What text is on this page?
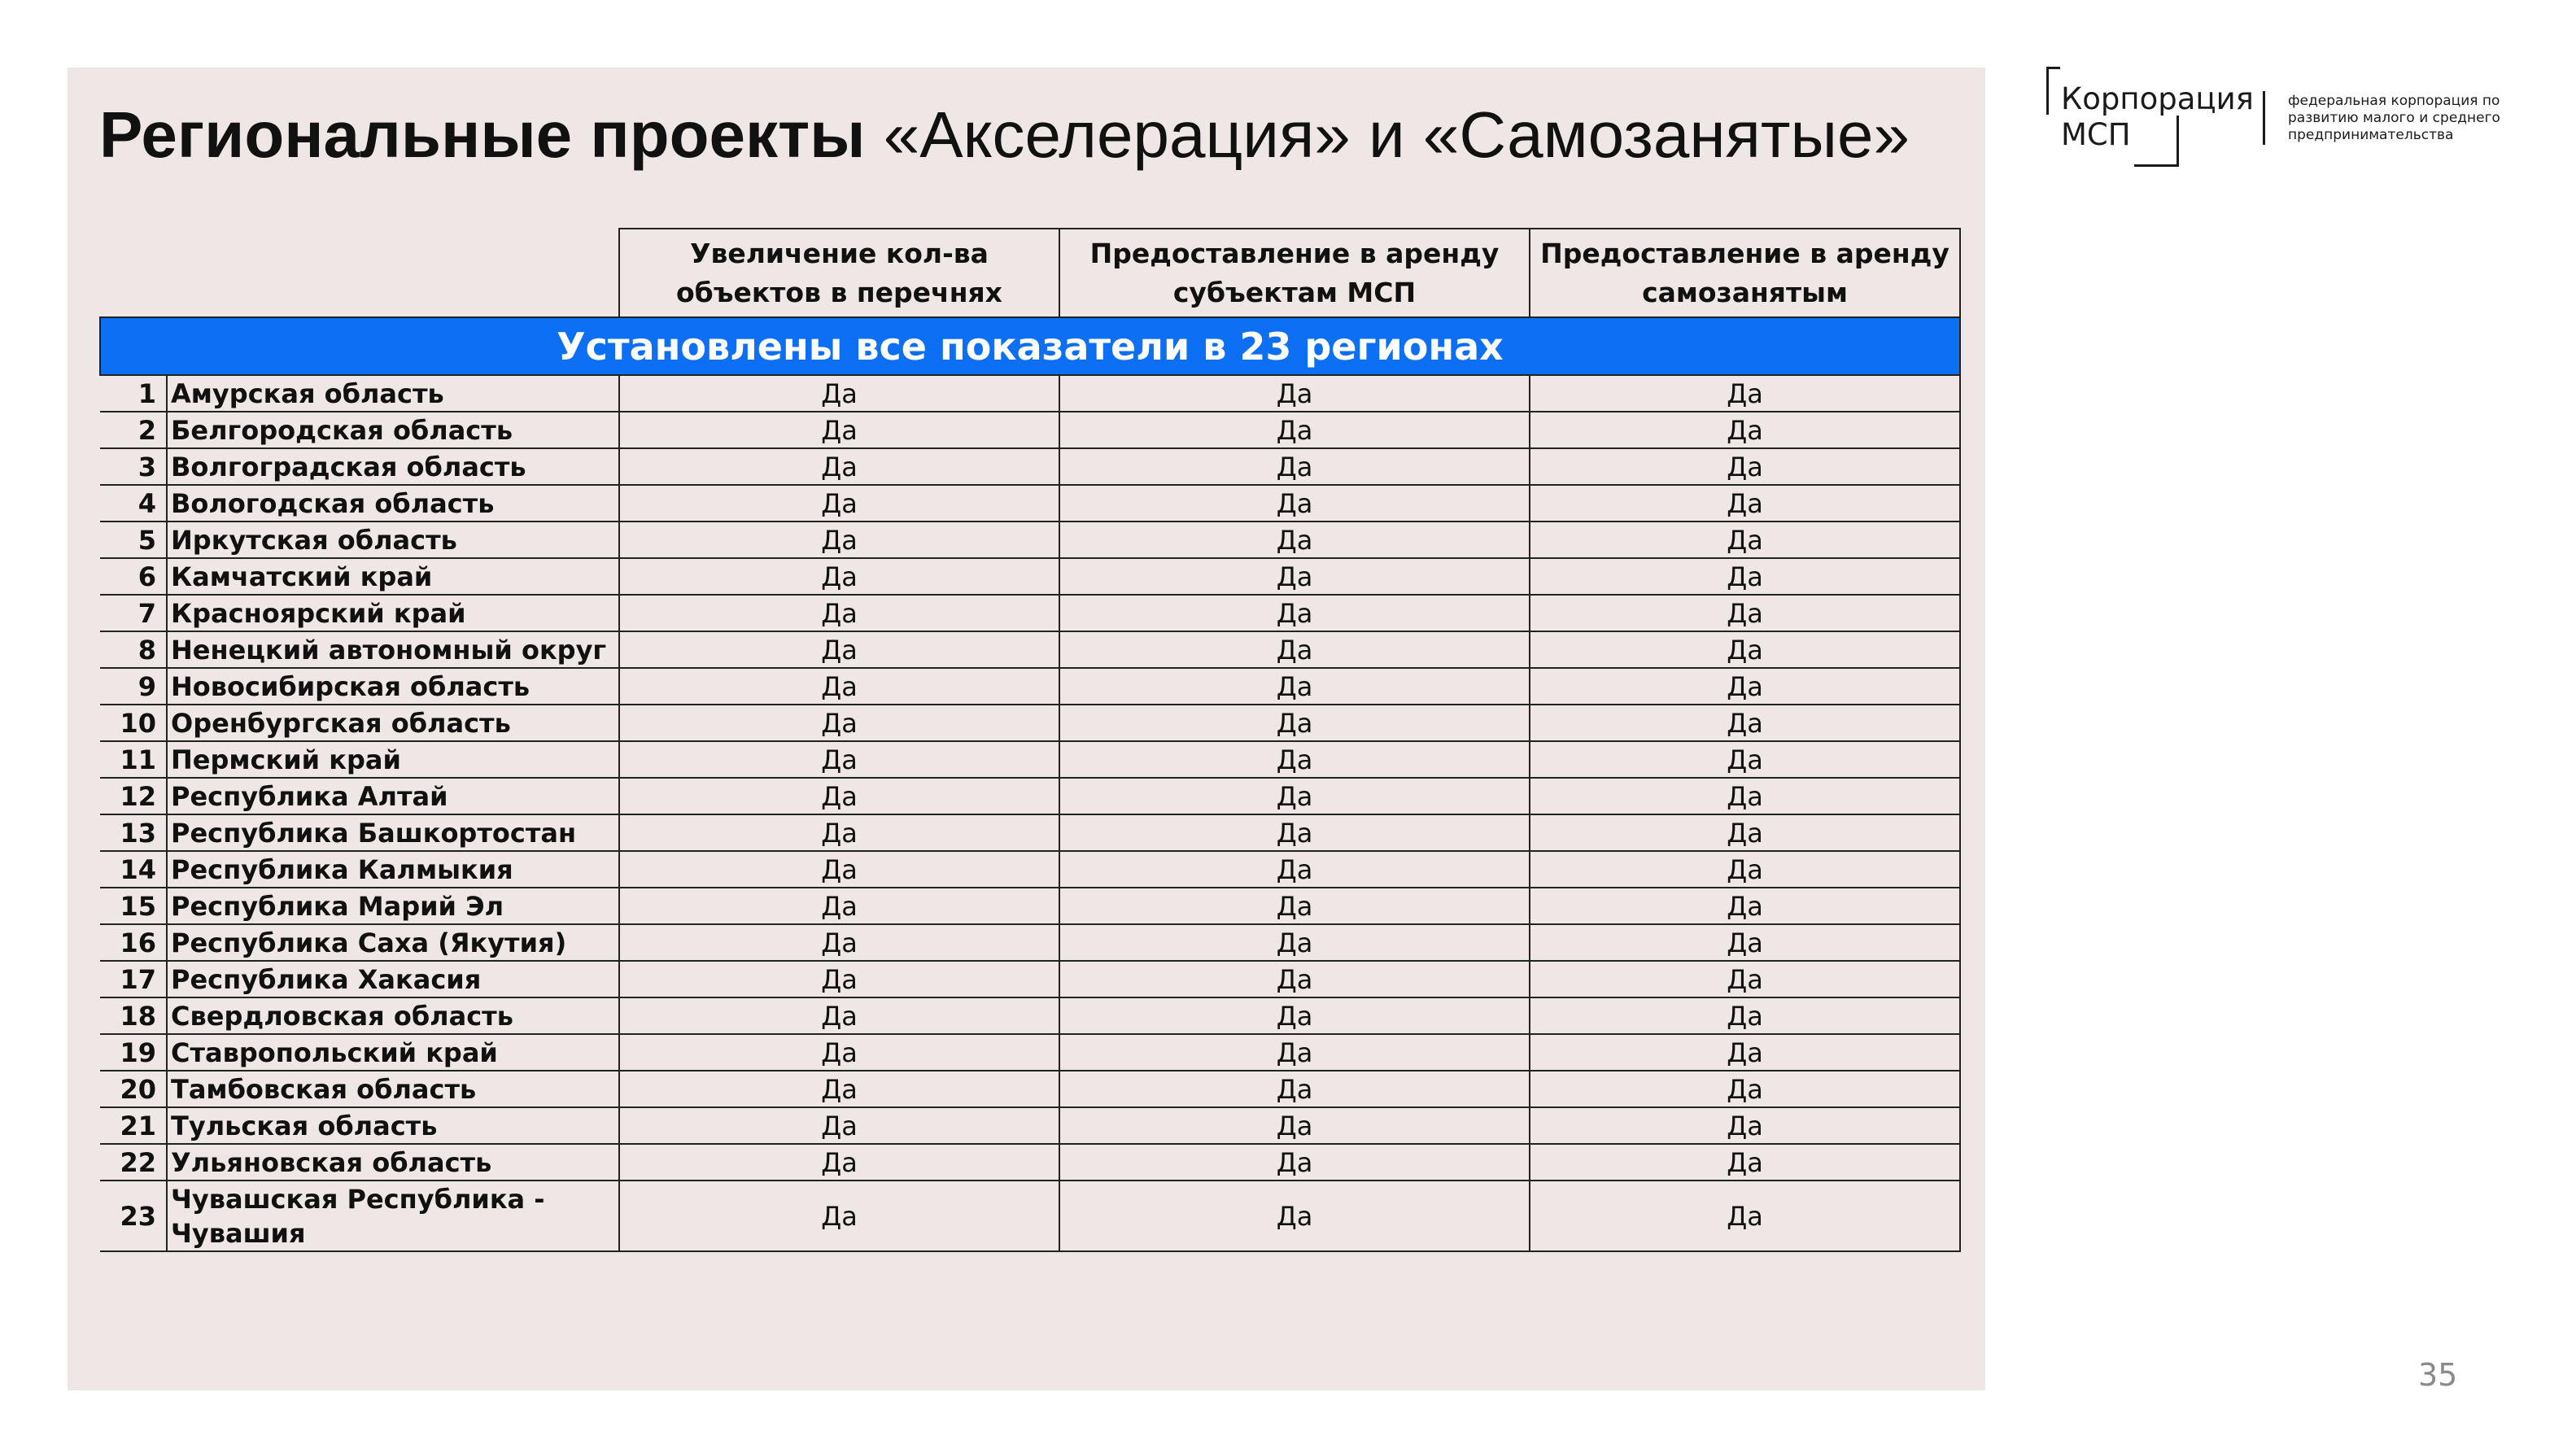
Региональные проекты «Акселерация» и «Самозанятые»	Корпорация
МСП

федеральная корпорация по развитию малого и среднего предпринимательства

		Увеличение кол-ва объектов в перечнях	Предоставление в аренду субъектам МСП	Предоставление в аренду самозанятым
Установлены все показатели в 23 регионах				
1	Амурская область	Да	Да	Да
2	Белгородская область	Да	Да	Да
3	Волгоградская область	Да	Да	Да
4	Вологодская область	Да	Да	Да
5	Иркутская область	Да	Да	Да
6	Камчатский край	Да	Да	Да
7	Красноярский край	Да	Да	Да
8	Ненецкий автономный округ	Да	Да	Да
9	Новосибирская область	Да	Да	Да
10	Оренбургская область	Да	Да	Да
11	Пермский край	Да	Да	Да
12	Республика Алтай	Да	Да	Да
13	Республика Башкортостан	Да	Да	Да
14	Республика Калмыкия	Да	Да	Да
15	Республика Марий Эл	Да	Да	Да
16	Республика Саха (Якутия)	Да	Да	Да
17	Республика Хакасия	Да	Да	Да
18	Свердловская область	Да	Да	Да
19	Ставропольский край	Да	Да	Да
20	Тамбовская область	Да	Да	Да
21	Тульская область	Да	Да	Да
22	Ульяновская область	Да	Да	Да
23	Чувашская Республика - Чувашия	Да	Да	Да
35
